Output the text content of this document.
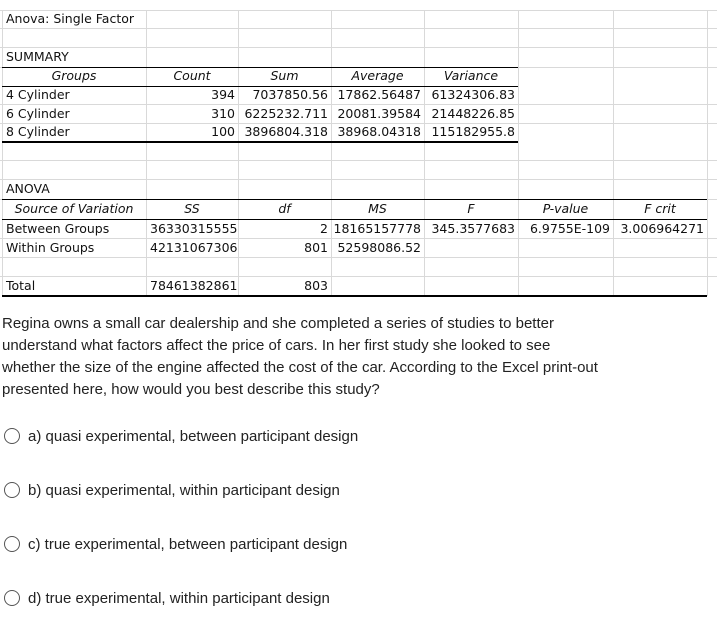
Anova: Single Factor
SUMMARY
Groups	Count	Sum	Average	Variance
4 Cylinder	394	7037850.56 17862.56487 61324306.83
6 Cylinder	310 6225232.711 20081.39584 21448226.85
8 Cylinder	100 3896804.318 38968.04318 115182955.8
ANOVA
Source of Variation	SS	df	MS	F	P-value	F crit
Between Groups	36330315555	2 18165157778 345.3577683	6.9755E-109 3.006964271
Within Groups	42131067306	801 52598086.52
Total	78461382861	803
Regina owns a small car dealership and she completed a series of studies to better understand what factors affect the price of cars. In her first study she looked to see whether the size of the engine affected the cost of the car. According to the Excel print-out presented here, how would you best describe this study?
a) quasi experimental, between participant design
b) quasi experimental, within participant design
c) true experimental, between participant design
d) true experimental, within participant design
